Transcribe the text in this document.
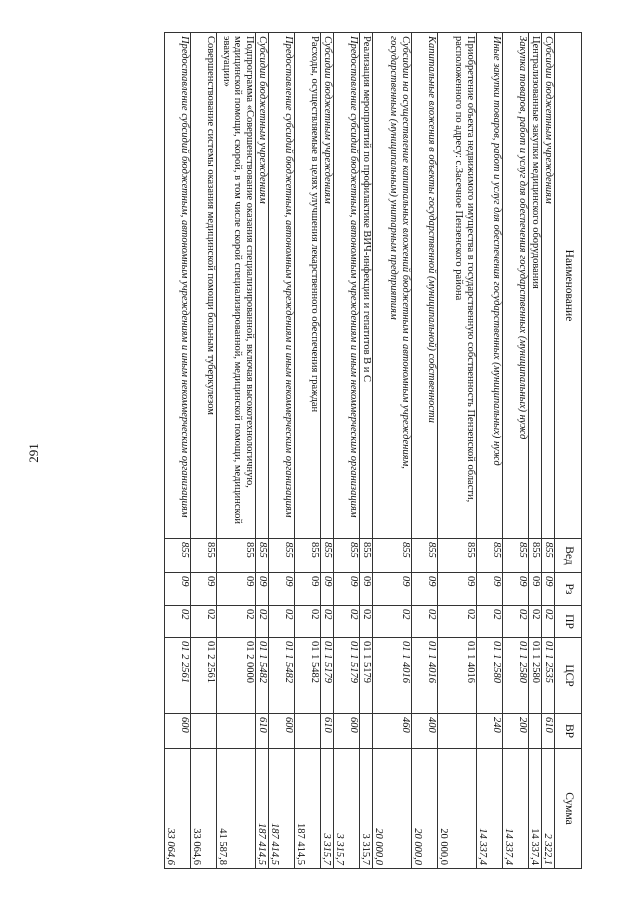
291
Наименование	Вед	Рз	ПР	ЦСР	ВР	Сумма
Субсидии бюджетным учреждениям	855	09	02	01 1 2535	610	2 322,1
Централизованные закупки медицинского оборудования	855	09	02	01 1 2580		14 337,4
Закупка товаров, работ и услуг для обеспечения государственных (муниципальных) нужд	855	09	02	01 1 2580	200	14 337,4
Иные закупки товаров, работ и услуг для обеспечения государственных (муниципальных) нужд	855	09	02	01 1 2580	240	14 337,4
Приобретение объекта недвижимого имущества в государственную собственность Пензенской области, расположенного по адресу: с.Засечное Пензенского района	855	09	02	01 1 4016		20 000,0
Капитальные вложения в объекты государственной (муниципальной) собственности	855	09	02	01 1 4016	400	20 000,0
Субсидии на осуществление капитальных вложений бюджетным и автономным учреждениям, государственным (муниципальным) унитарным предприятиям	855	09	02	01 1 4016	460	20 000,0
Реализация мероприятий по профилактике ВИЧ-инфекции и гепатитов В и С	855	09	02	01 1 5179		3 315,7
Предоставление субсидий бюджетным, автономным учреждениям и иным некоммерческим организациям	855	09	02	01 1 5179	600	3 315,7
Субсидии бюджетным учреждениям	855	09	02	01 1 5179	610	3 315,7
Расходы, осуществляемые в целях улучшения лекарственного обеспечения граждан	855	09	02	01 1 5482		187 414,5
Предоставление субсидий бюджетным, автономным учреждениям и иным некоммерческим организациям	855	09	02	01 1 5482	600	187 414,5
Субсидии бюджетным учреждениям	855	09	02	01 1 5482	610	187 414,5
Подпрограмма «Совершенствование оказания специализированной, включая высокотехнологичную, медицинской помощи, скорой, в том числе скорой специализированной, медицинской помощи, медицинской эвакуации»	855	09	02	01 2 0000		41 587,8
Совершенствование системы оказания медицинской помощи больным туберкулезом	855	09	02	01 2 2561		33 064,6
Предоставление субсидий бюджетным, автономным учреждениям и иным некоммерческим организациям	855	09	02	01 2 2561	600	33 064,6
